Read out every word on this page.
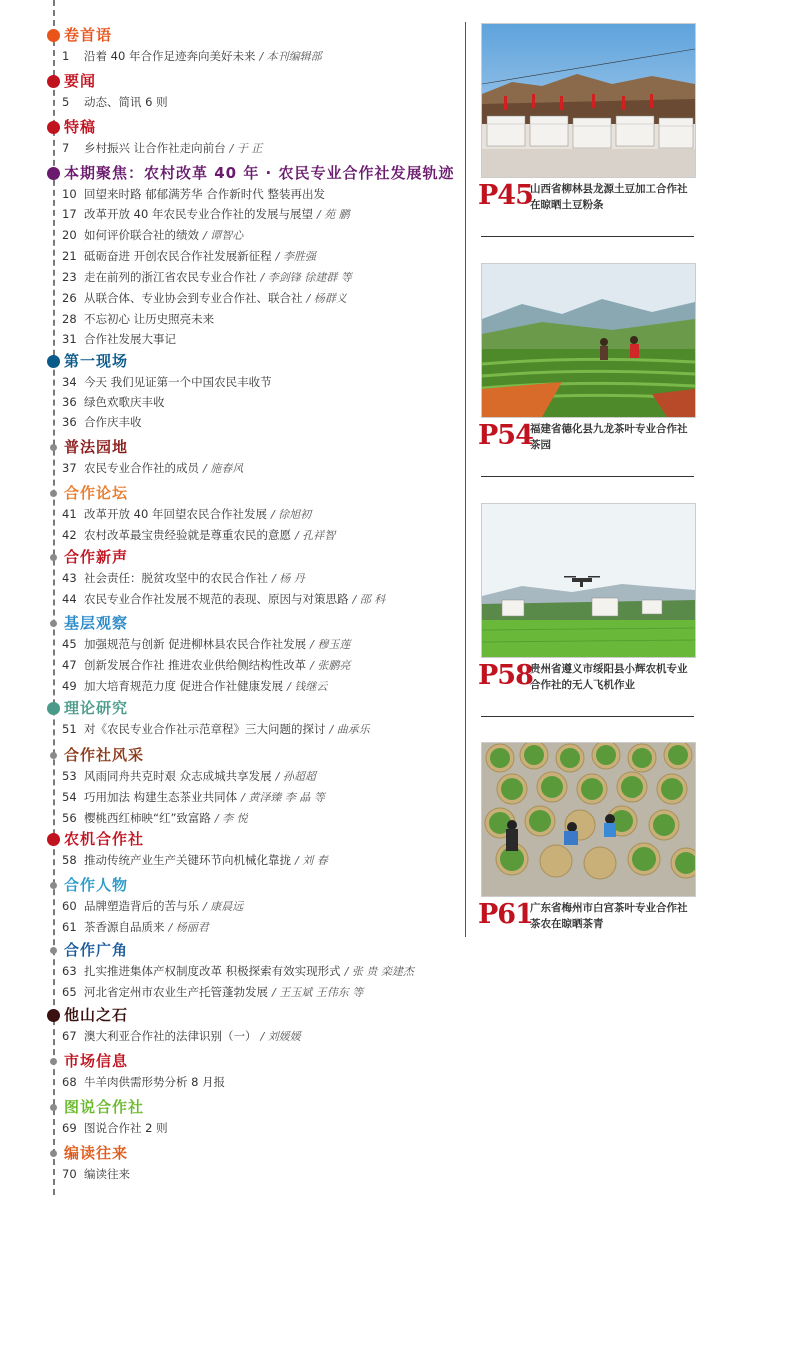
卷首语
1 沿着 40 年合作足迹奔向美好未来 / 本刊编辑部
要闻
5 动态、简讯 6 则
特稿
7 乡村振兴 让合作社走向前台 / 于 正
本期聚焦：农村改革 40 年 · 农民专业合作社发展轨迹
10 回望来时路 郁郁满芳华 合作新时代 整装再出发
17 改革开放 40 年农民专业合作社的发展与展望 / 苑 鹏
20 如何评价联合社的绩效 / 谭智心
21 砥砺奋进 开创农民合作社发展新征程 / 李胜强
23 走在前列的浙江省农民专业合作社 / 李剑锋 徐建群 等
26 从联合体、专业协会到专业合作社、联合社 / 杨群义
28 不忘初心 让历史照亮未来
31 合作社发展大事记
第一现场
34 今天 我们见证第一个中国农民丰收节
36 绿色欢歌庆丰收
36 合作庆丰收
普法园地
37 农民专业合作社的成员 / 施春风
合作论坛
41 改革开放 40 年回望农民合作社发展 / 徐旭初
42 农村改革最宝贵经验就是尊重农民的意愿 / 孔祥智
合作新声
43 社会责任：脱贫攻坚中的农民合作社 / 杨 丹
44 农民专业合作社发展不规范的表现、原因与对策思路 / 邵 科
基层观察
45 加强规范与创新 促进柳林县农民合作社发展 / 穆玉莲
47 创新发展合作社 推进农业供给侧结构性改革 / 张鹏亮
49 加大培育规范力度 促进合作社健康发展 / 钱继云
理论研究
51 对《农民专业合作社示范章程》三大问题的探讨 / 曲承乐
合作社风采
53 风雨同舟共克时艰 众志成城共享发展 / 孙超超
54 巧用加法 构建生态茶业共同体 / 黄泽臻 李 晶 等
56 樱桃西红柿映“红”致富路 / 李 悦
农机合作社
58 推动传统产业生产关键环节向机械化靠拢 / 刘 春
合作人物
60 品牌塑造背后的苦与乐 / 康晨远
61 茶香源自品质来 / 杨丽君
合作广角
63 扎实推进集体产权制度改革 积极探索有效实现形式 / 张 贵 栾建杰
65 河北省定州市农业生产托管蓬勃发展 / 王玉斌 王伟东 等
他山之石
67 澳大利亚合作社的法律识别（一） / 刘媛媛
市场信息
68 牛羊肉供需形势分析 8 月报
图说合作社
69 图说合作社 2 则
编读往来
70 编读往来
P45
山西省柳林县龙源土豆加工合作社在晾晒土豆粉条
P54
福建省德化县九龙茶叶专业合作社茶园
P58
贵州省遵义市绥阳县小辉农机专业合作社的无人飞机作业
P61
广东省梅州市白宫茶叶专业合作社茶农在晾晒茶青
